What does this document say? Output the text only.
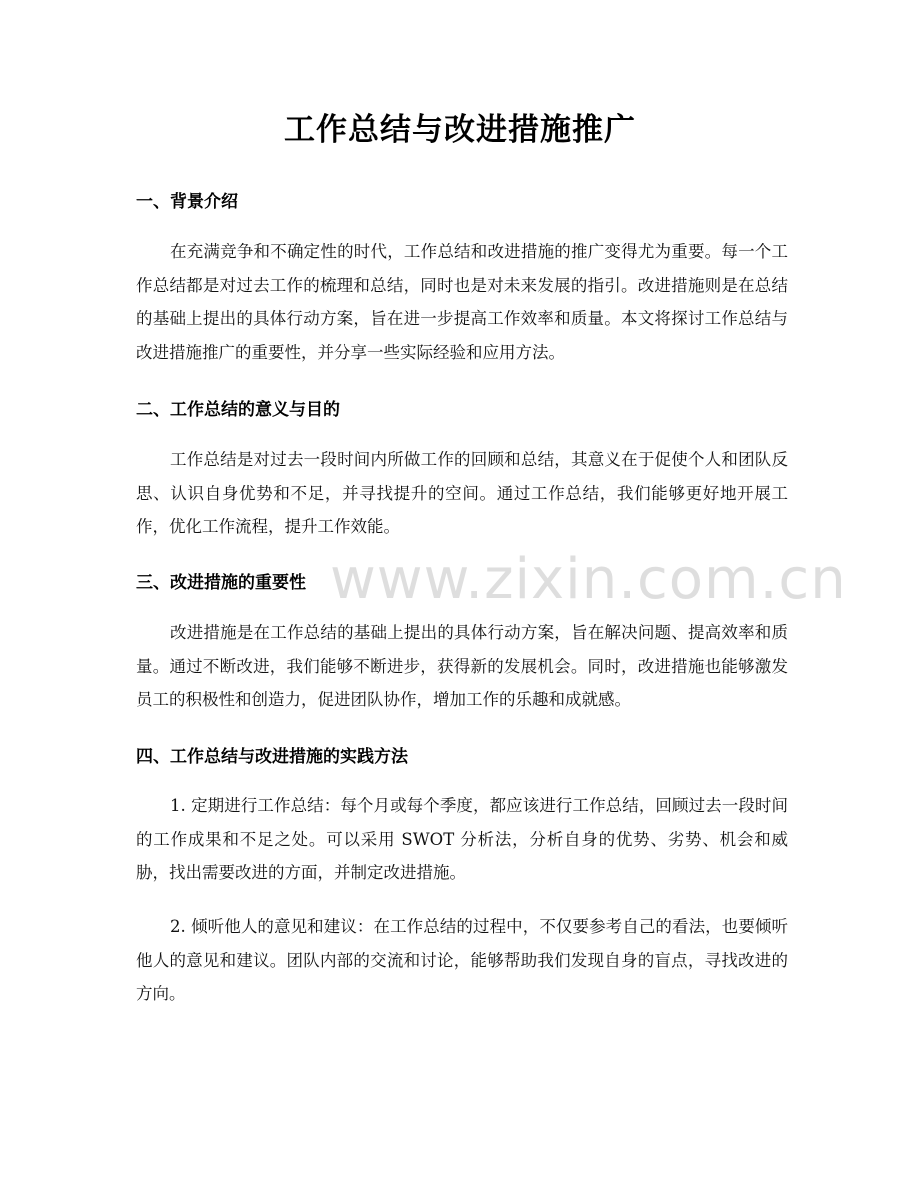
工作总结与改进措施推广
一、背景介绍

在充满竞争和不确定性的时代，工作总结和改进措施的推广变得尤为重要。每一个工作总结都是对过去工作的梳理和总结，同时也是对未来发展的指引。改进措施则是在总结的基础上提出的具体行动方案，旨在进一步提高工作效率和质量。本文将探讨工作总结与改进措施推广的重要性，并分享一些实际经验和应用方法。

二、工作总结的意义与目的

工作总结是对过去一段时间内所做工作的回顾和总结，其意义在于促使个人和团队反思、认识自身优势和不足，并寻找提升的空间。通过工作总结，我们能够更好地开展工作，优化工作流程，提升工作效能。

三、改进措施的重要性

改进措施是在工作总结的基础上提出的具体行动方案，旨在解决问题、提高效率和质量。通过不断改进，我们能够不断进步，获得新的发展机会。同时，改进措施也能够激发员工的积极性和创造力，促进团队协作，增加工作的乐趣和成就感。

四、工作总结与改进措施的实践方法

1. 定期进行工作总结：每个月或每个季度，都应该进行工作总结，回顾过去一段时间的工作成果和不足之处。可以采用 SWOT 分析法，分析自身的优势、劣势、机会和威胁，找出需要改进的方面，并制定改进措施。

2. 倾听他人的意见和建议：在工作总结的过程中，不仅要参考自己的看法，也要倾听他人的意见和建议。团队内部的交流和讨论，能够帮助我们发现自身的盲点，寻找改进的方向。

www.zixin.com.cn
